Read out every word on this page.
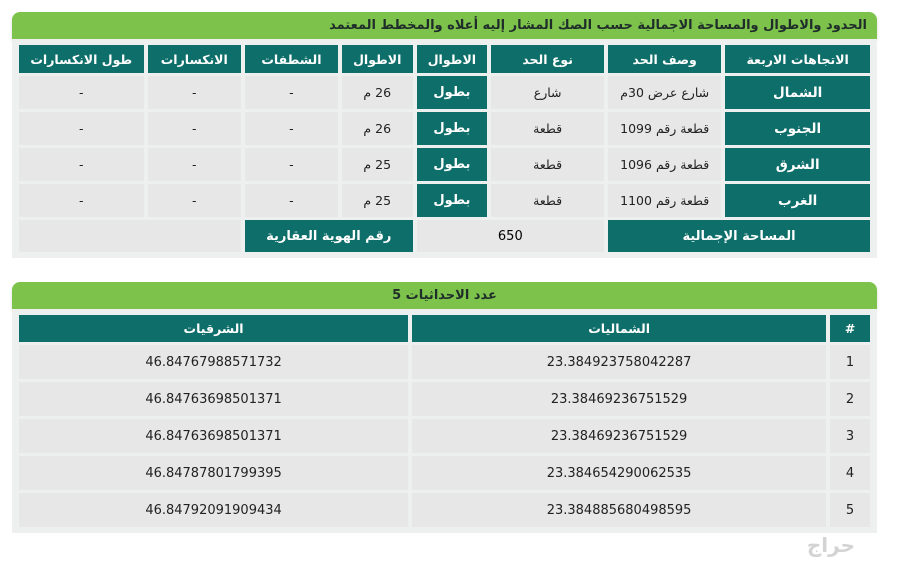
الحدود والاطوال والمساحة الاجمالية حسب الصك المشار إليه أعلاه والمخطط المعتمد
الاتجاهات الاربعة	وصف الحد	نوع الحد	الاطوال	الاطوال	الشطفات	الانكسارات	طول الانكسارات
الشمال	شارع عرض 30م	شارع	بطول	26 م	-	-	-
الجنوب	قطعة رقم 1099	قطعة	بطول	26 م	-	-	-
الشرق	قطعة رقم 1096	قطعة	بطول	25 م	-	-	-
الغرب	قطعة رقم 1100	قطعة	بطول	25 م	-	-	-
المساحة الإجمالية		650		رقم الهوية العقارية			
عدد الاحداثيات 5
#	الشماليات	الشرقيات
1	23.384923758042287	46.84767988571732
2	23.38469236751529	46.84763698501371
3	23.38469236751529	46.84763698501371
4	23.384654290062535	46.84787801799395
5	23.384885680498595	46.84792091909434
حراج
